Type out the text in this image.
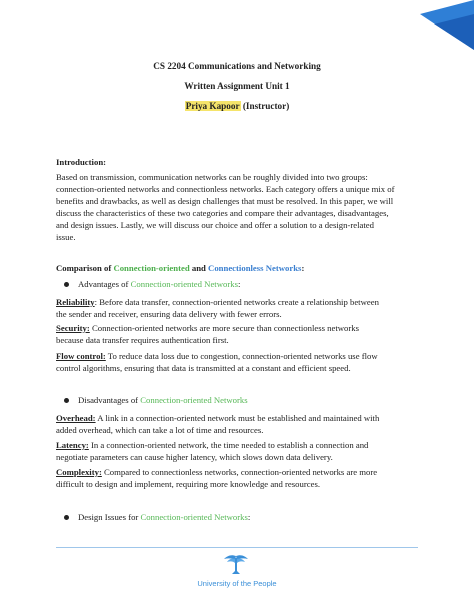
CS 2204 Communications and Networking
Written Assignment Unit 1
Priya Kapoor (Instructor)
Introduction:
Based on transmission, communication networks can be roughly divided into two groups:
connection-oriented networks and connectionless networks. Each category offers a unique mix of
benefits and drawbacks, as well as design challenges that must be resolved. In this paper, we will
discuss the characteristics of these two categories and compare their advantages, disadvantages,
and design issues. Lastly, we will discuss our choice and offer a solution to a design-related
issue.
Comparison of Connection-oriented and Connectionless Networks:
Advantages of Connection-oriented Networks:
Reliability: Before data transfer, connection-oriented networks create a relationship between
the sender and receiver, ensuring data delivery with fewer errors.
Security: Connection-oriented networks are more secure than connectionless networks
because data transfer requires authentication first.
Flow control: To reduce data loss due to congestion, connection-oriented networks use flow
control algorithms, ensuring that data is transmitted at a constant and efficient speed.
Disadvantages of Connection-oriented Networks
Overhead: A link in a connection-oriented network must be established and maintained with
added overhead, which can take a lot of time and resources.
Latency: In a connection-oriented network, the time needed to establish a connection and
negotiate parameters can cause higher latency, which slows down data delivery.
Complexity: Compared to connectionless networks, connection-oriented networks are more
difficult to design and implement, requiring more knowledge and resources.
Design Issues for Connection-oriented Networks:
University of the People
